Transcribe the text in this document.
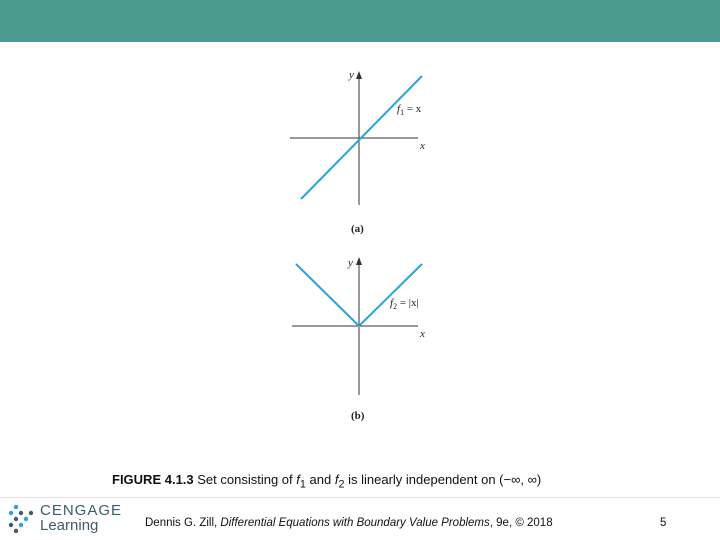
y
x
$f_1 = x$
(a)
y
x
$f_2 = |x|$
(b)
FIGURE 4.1.3 Set consisting of $f_1$ and $f_2$ is linearly independent on (−∞, ∞)
CENGAGE
Learning	Dennis G. Zill, Differential Equations with Boundary Value Problems, 9e, © 2018	5
